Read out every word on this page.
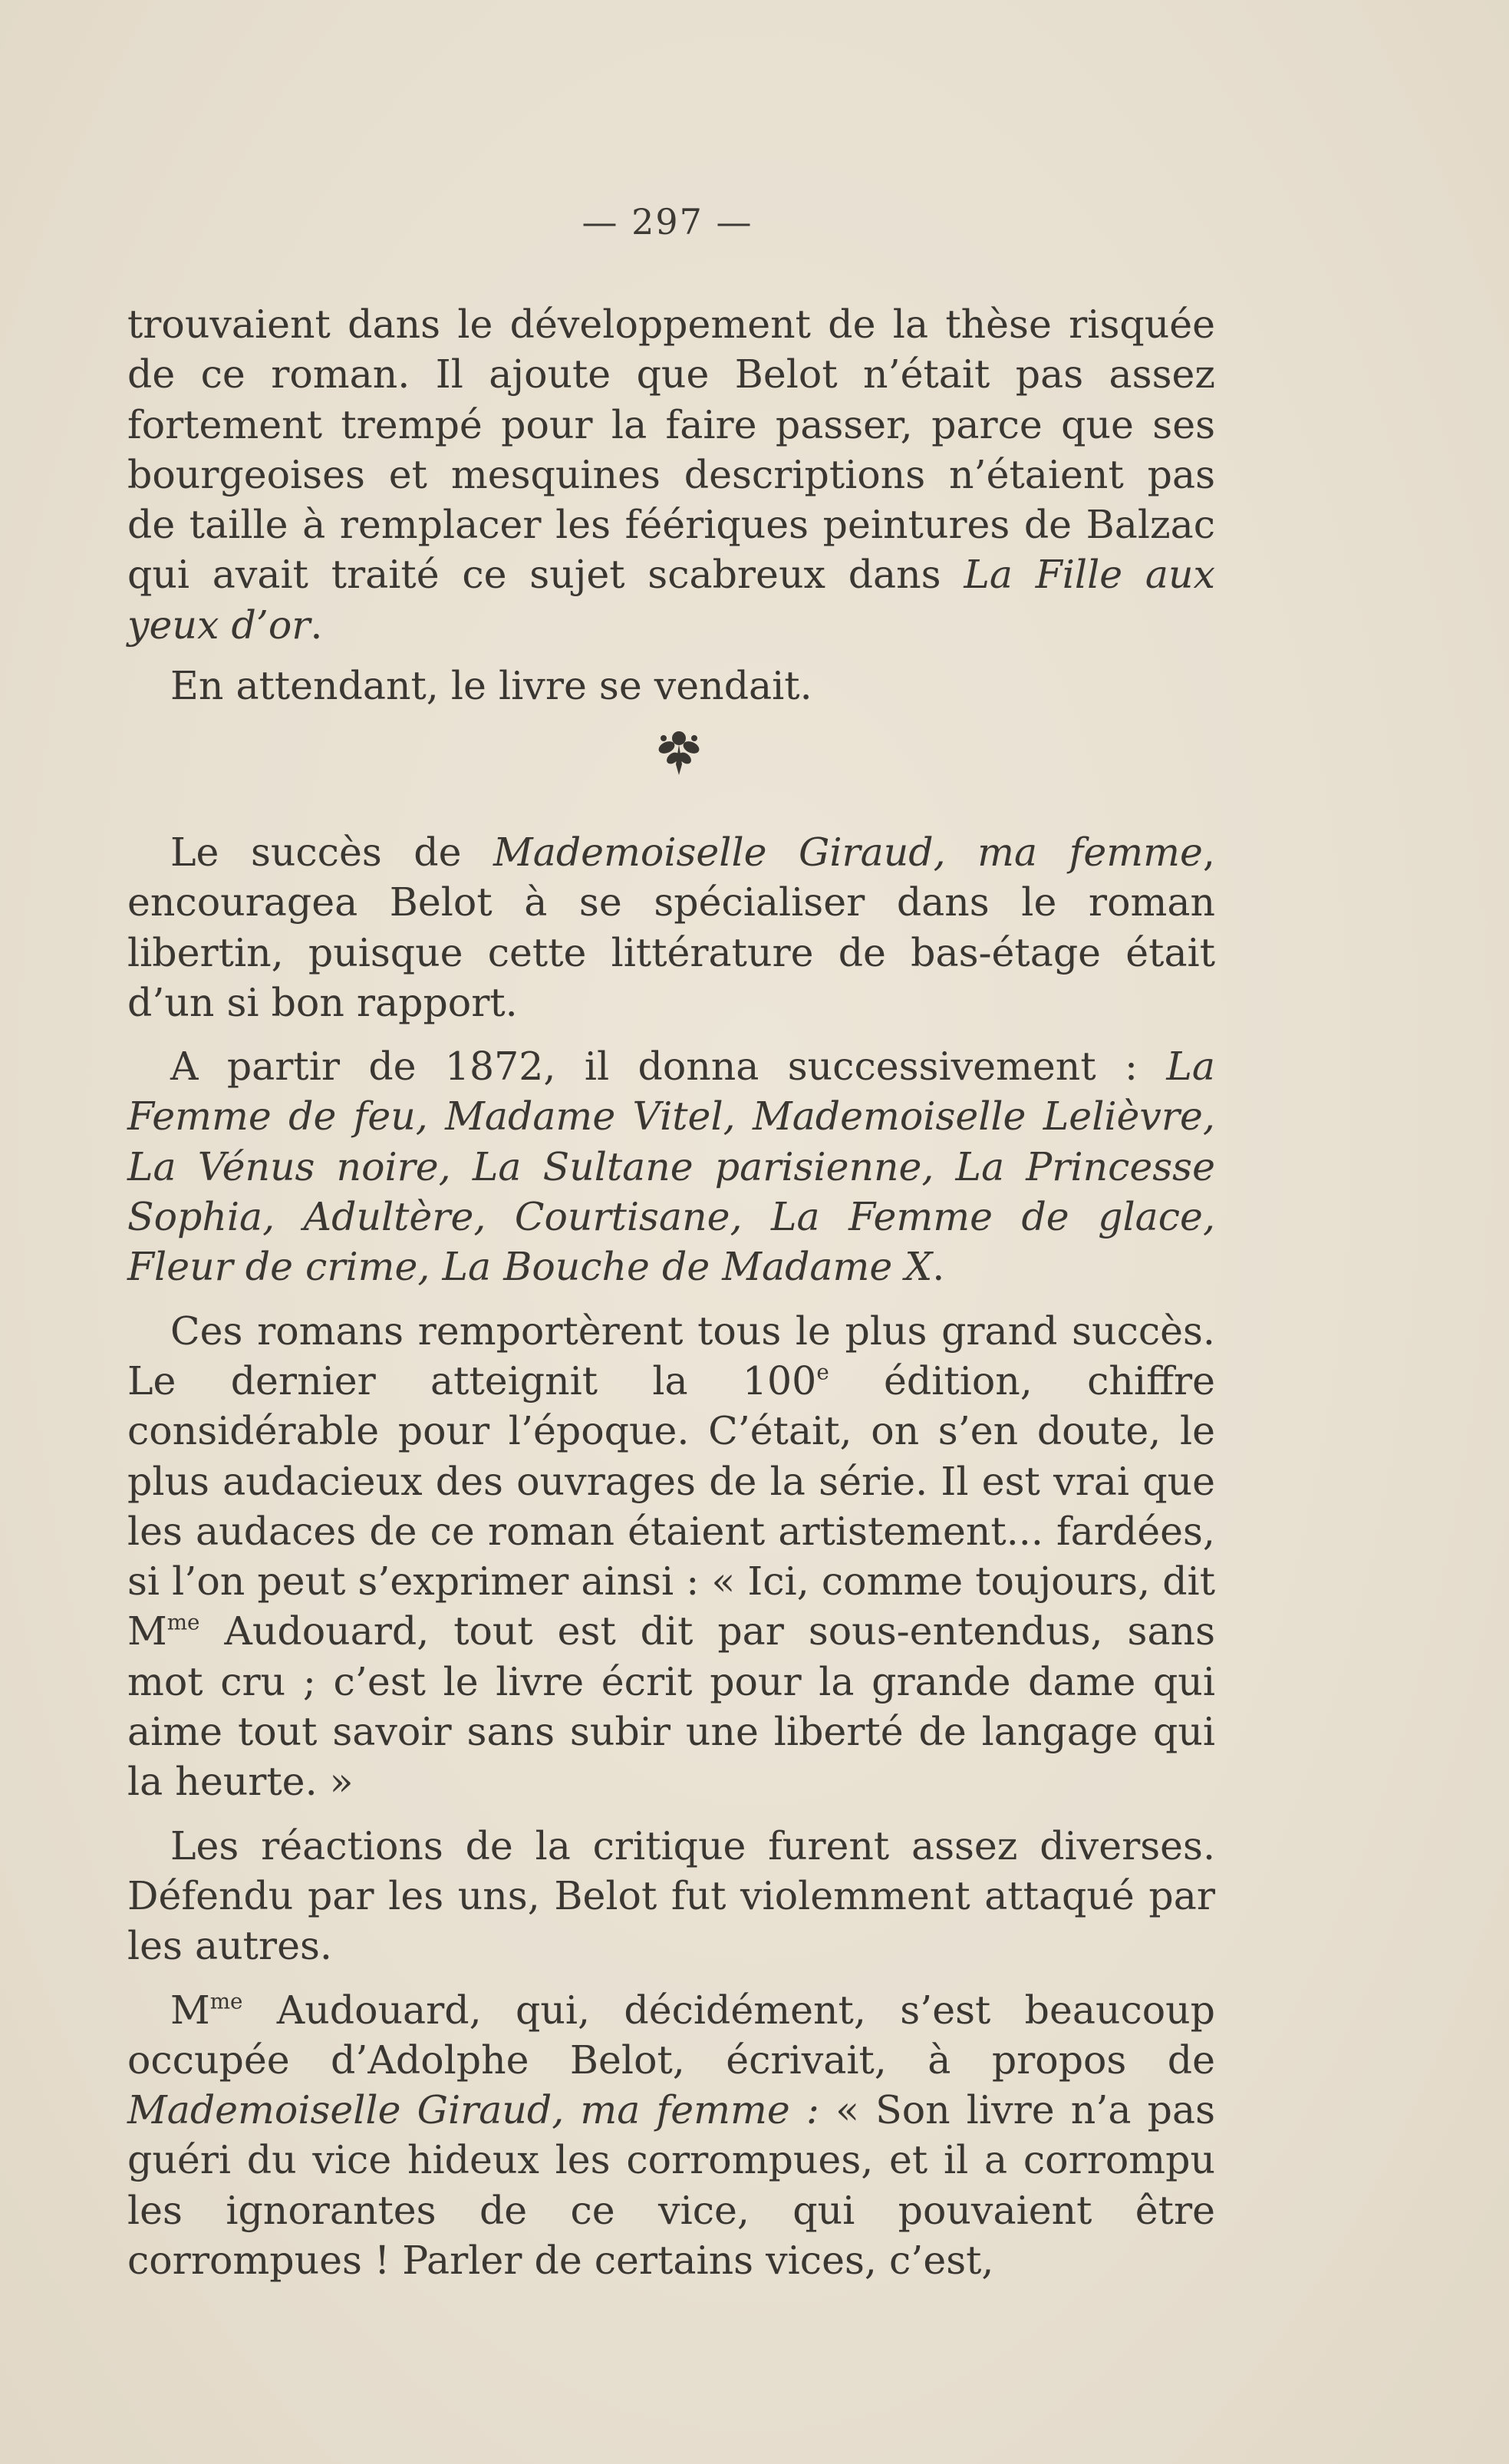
— 297 —

trouvaient dans le développement de la thèse risquée de ce roman. Il ajoute que Belot n’était pas assez fortement trempé pour la faire passer, parce que ses bourgeoises et mesquines descriptions n’étaient pas de taille à remplacer les féériques peintures de Balzac qui avait traité ce sujet scabreux dans La Fille aux yeux d’or.

En attendant, le livre se vendait.

Le succès de Mademoiselle Giraud, ma femme, encouragea Belot à se spécialiser dans le roman libertin, puisque cette littérature de bas-étage était d’un si bon rapport.

A partir de 1872, il donna successivement : La Femme de feu, Madame Vitel, Mademoiselle Lelièvre, La Vénus noire, La Sultane parisienne, La Princesse Sophia, Adultère, Courtisane, La Femme de glace, Fleur de crime, La Bouche de Madame X.

Ces romans remportèrent tous le plus grand succès. Le dernier atteignit la 100e édition, chiffre considérable pour l’époque. C’était, on s’en doute, le plus audacieux des ouvrages de la série. Il est vrai que les audaces de ce roman étaient artistement... fardées, si l’on peut s’exprimer ainsi : « Ici, comme toujours, dit $M^{me}$ Audouard, tout est dit par sous-entendus, sans mot cru ; c’est le livre écrit pour la grande dame qui aime tout savoir sans subir une liberté de langage qui la heurte. »

Les réactions de la critique furent assez diverses. Défendu par les uns, Belot fut violemment attaqué par les autres.

$M^{me}$ Audouard, qui, décidément, s’est beaucoup occupée d’Adolphe Belot, écrivait, à propos de Mademoiselle Giraud, ma femme : « Son livre n’a pas guéri du vice hideux les corrompues, et il a corrompu les ignorantes de ce vice, qui pouvaient être corrompues ! Parler de certains vices, c’est,
